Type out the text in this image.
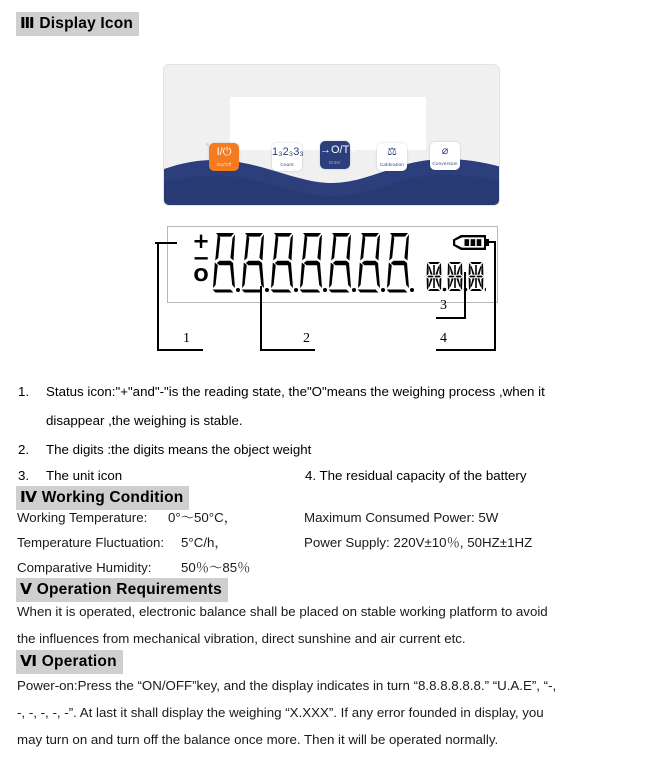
Ⅲ Display Icon
I/⏻
On/Off
1₃2₃3₃
Count
→O/T←
Enter
⚖
Calibration
⌀
Conversion
+
−
O
1	2
3
4
1. Status icon:"+"and"-"is the reading state, the"O"means the weighing process ,when it
disappear ,the weighing is stable.
2. The digits :the digits means the object weight
3. The unit icon	4. The residual capacity of the battery
Ⅳ Working Condition
Working Temperature: 0°～50°C，	Maximum Consumed Power: 5W
Temperature Fluctuation: 5°C/h，	Power Supply: 220V±10％, 50HZ±1HZ
Comparative Humidity: 50％～85％
Ⅴ Operation Requirements
When it is operated, electronic balance shall be placed on stable working platform to avoid
the influences from mechanical vibration, direct sunshine and air current etc.
Ⅵ Operation
Power-on:Press the “ON/OFF”key, and the display indicates in turn “8.8.8.8.8.8.” “U.A.E”, “-,
-, -, -, -, -”. At last it shall display the weighing “X.XXX”. If any error founded in display, you
may turn on and turn off the balance once more. Then it will be operated normally.
